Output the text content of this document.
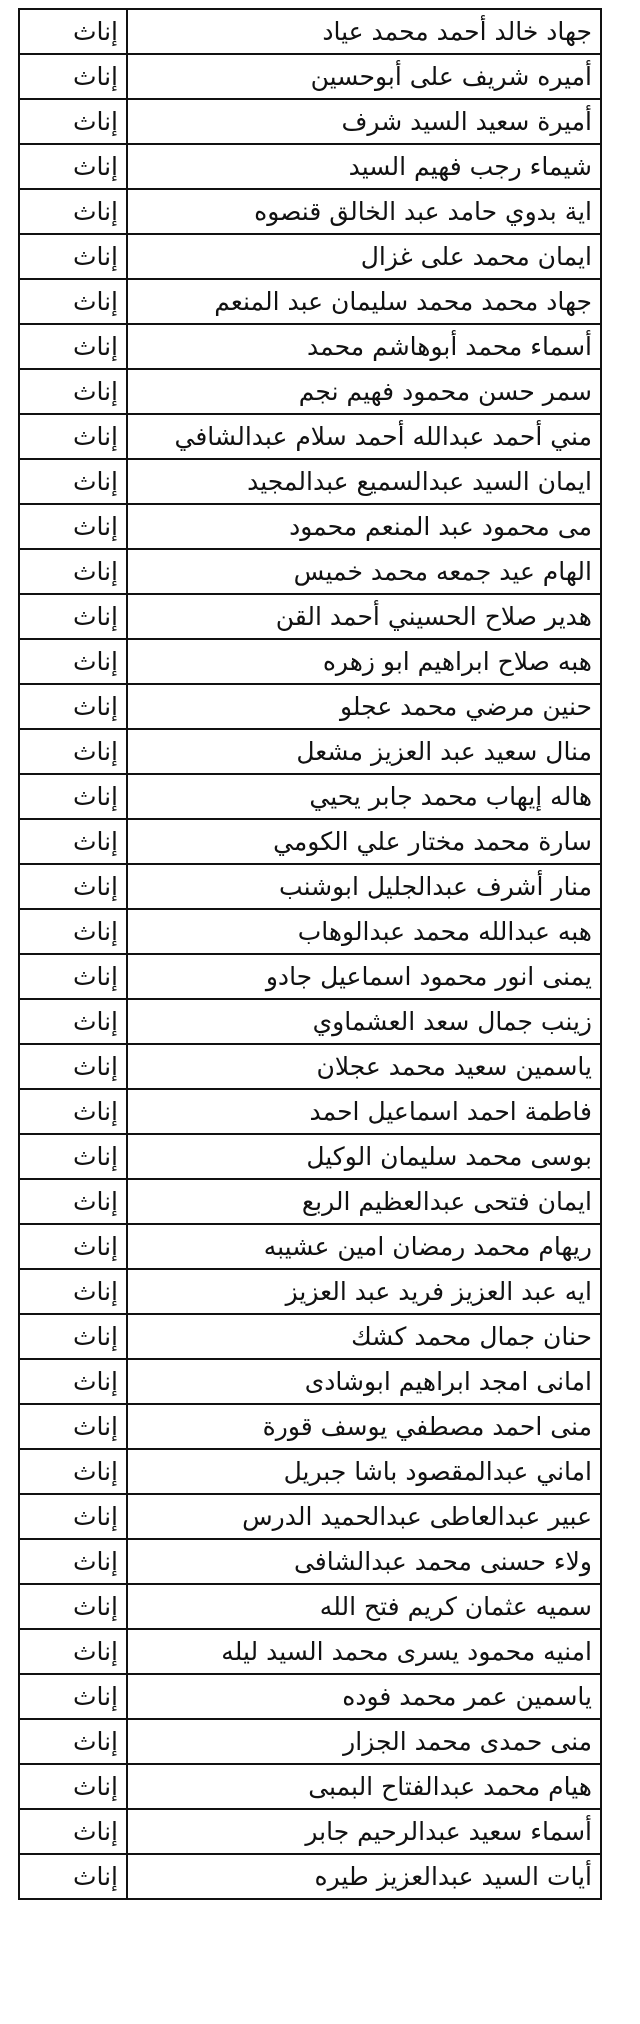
إناث	جهاد خالد أحمد محمد عياد
إناث	أميره شريف على أبوحسين
إناث	أميرة سعيد السيد شرف
إناث	شيماء رجب فهيم السيد
إناث	اية بدوي حامد عبد الخالق قنصوه
إناث	ايمان محمد على غزال
إناث	جهاد محمد محمد سليمان عبد المنعم
إناث	أسماء محمد أبوهاشم محمد
إناث	سمر حسن محمود فهيم نجم
إناث	مني أحمد عبدالله أحمد سلام عبدالشافي
إناث	ايمان السيد عبدالسميع عبدالمجيد
إناث	مى محمود عبد المنعم محمود
إناث	الهام عيد جمعه محمد خميس
إناث	هدير صلاح الحسيني أحمد القن
إناث	هبه صلاح ابراهيم ابو زهره
إناث	حنين مرضي محمد عجلو
إناث	منال سعيد عبد العزيز مشعل
إناث	هاله إيهاب محمد جابر يحيي
إناث	سارة محمد مختار علي الكومي
إناث	منار أشرف عبدالجليل ابوشنب
إناث	هبه عبدالله محمد عبدالوهاب
إناث	يمنى انور محمود اسماعيل جادو
إناث	زينب جمال سعد العشماوي
إناث	ياسمين سعيد محمد عجلان
إناث	فاطمة احمد اسماعيل احمد
إناث	بوسى محمد سليمان الوكيل
إناث	ايمان فتحى عبدالعظيم الربع
إناث	ريهام محمد رمضان امين عشيبه
إناث	ايه عبد العزيز فريد عبد العزيز
إناث	حنان جمال محمد كشك
إناث	امانى امجد ابراهيم ابوشادى
إناث	منى احمد مصطفي يوسف قورة
إناث	اماني عبدالمقصود باشا جبريل
إناث	عبير عبدالعاطى عبدالحميد الدرس
إناث	ولاء حسنى محمد عبدالشافى
إناث	سميه عثمان كريم فتح الله
إناث	امنيه محمود يسرى محمد السيد ليله
إناث	ياسمين عمر محمد فوده
إناث	منى حمدى محمد الجزار
إناث	هيام محمد عبدالفتاح البمبى
إناث	أسماء سعيد عبدالرحيم جابر
إناث	أيات السيد عبدالعزيز طيره
